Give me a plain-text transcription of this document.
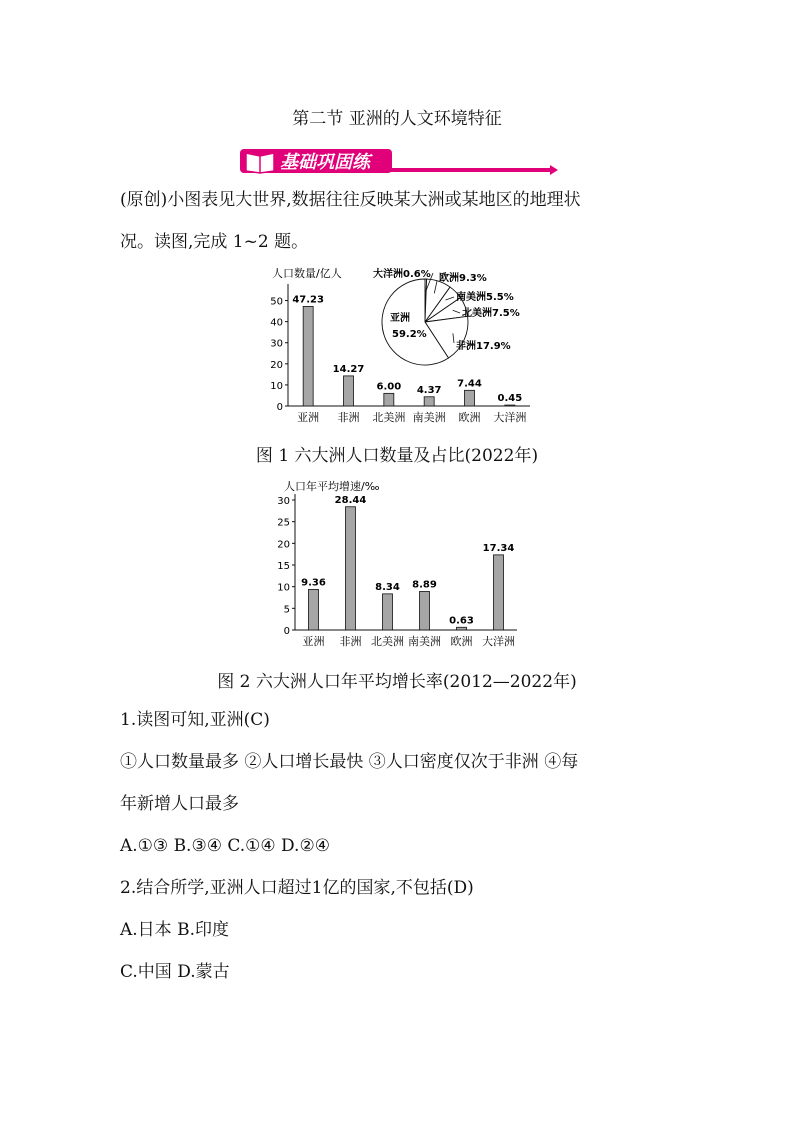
第二节 亚洲的人文环境特征
基础巩固练
(原创)小图表见大世界,数据往往反映某大洲或某地区的地理状
况。读图,完成 1~2 题。
人口数量/亿人
0
10
20
30
40
50 47.23
亚洲
14.27
非洲
6.00
北美洲
4.37
南美洲
7.44
欧洲
0.45
大洋洲
亚洲
59.2%
大洋洲0.6% 欧洲9.3%
南美洲5.5%
北美洲7.5%
非洲17.9%
图 1 六大洲人口数量及占比(2022年)
人口年平均增速/‰
0
5
10
15
20
25
30
9.36
亚洲
28.44
非洲
8.34
北美洲
8.89
南美洲
0.63
欧洲
17.34
大洋洲
图 2 六大洲人口年平均增长率(2012—2022年)
1.读图可知,亚洲(C)
①人口数量最多 ②人口增长最快 ③人口密度仅次于非洲 ④每
年新增人口最多
A.①③ B.③④ C.①④ D.②④
2.结合所学,亚洲人口超过1亿的国家,不包括(D)
A.日本 B.印度
C.中国 D.蒙古
